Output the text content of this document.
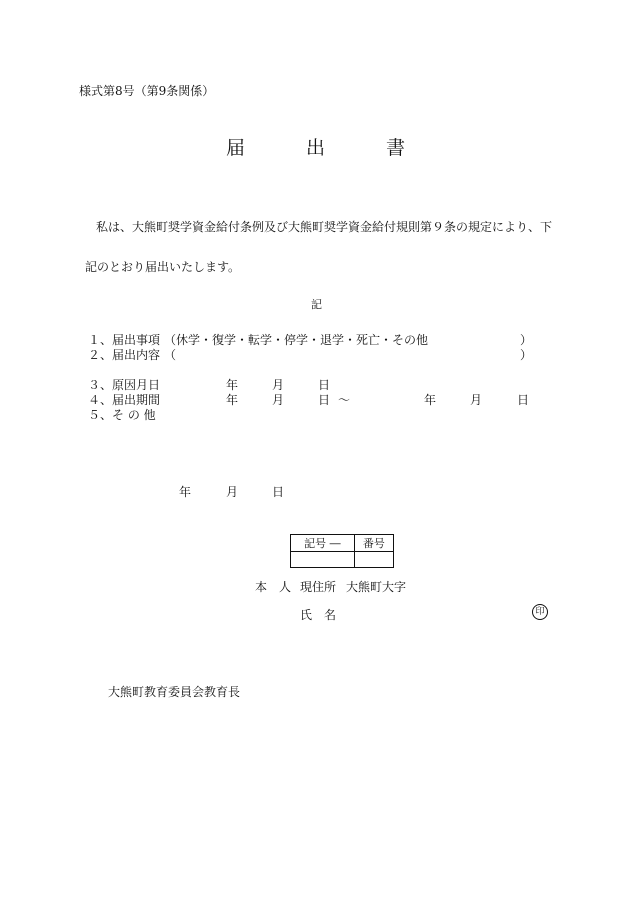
様式第8号（第9条関係）
届	出	書
私は、大熊町奨学資金給付条例及び大熊町奨学資金給付規則第９条の規定により、下
記のとおり届出いたします。
記
１、届出事項 （休学・復学・転学・停学・退学・死亡・その他	）
２、届出内容 （	）
３、原因月日	年	月	日
４、届出期間	年	月	日 〜	年	月	日
５、そ の 他
年	月	日
記号 ―	番号

本　人 現住所 大熊町大字
氏　名	印
大熊町教育委員会教育長
